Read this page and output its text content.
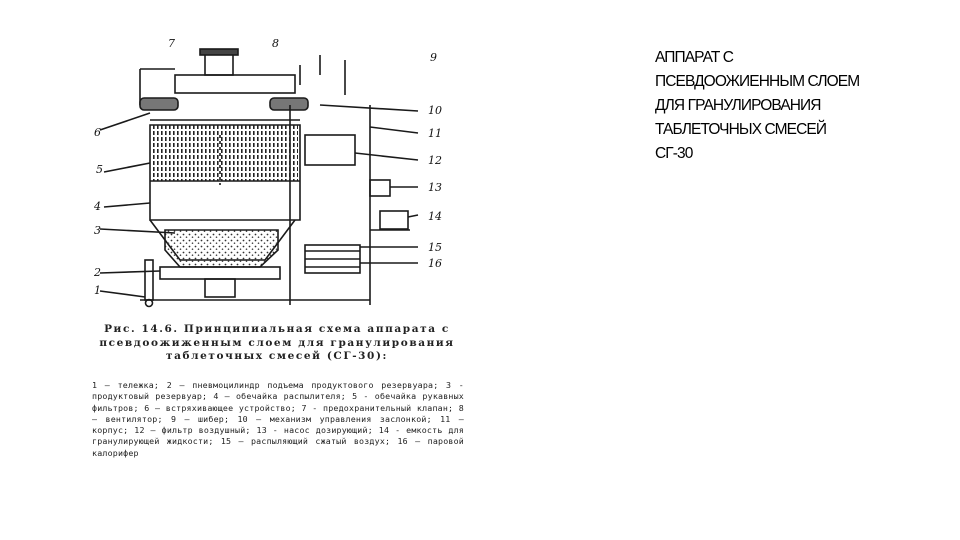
7	8
9
10
6	11
5
12
13
4
14
3
15
16
2
1
Рис. 14.6. Принципиальная схема аппарата с псевдоожиженным слоем для гранулирования таблеточных смесей (СГ-30):
1 — тележка; 2 — пневмоцилиндр подъема продуктового резервуара; 3 - продуктовый резервуар; 4 — обечайка распылителя; 5 - обечайка рукавных фильтров; 6 — встряхивающее устройство; 7 - предохранительный клапан; 8 — вентилятор; 9 — шибер; 10 — механизм управления заслонкой; 11 — корпус; 12 — фильтр воздушный; 13 - насос дозирующий; 14 - емкость для гранулирующей жидкости; 15 — распыляющий сжатый воздух; 16 — паровой калорифер
АППАРАТ С
ПСЕВДООЖИЕННЫМ СЛОЕМ
ДЛЯ ГРАНУЛИРОВАНИЯ
ТАБЛЕТОЧНЫХ СМЕСЕЙ
СГ-30
